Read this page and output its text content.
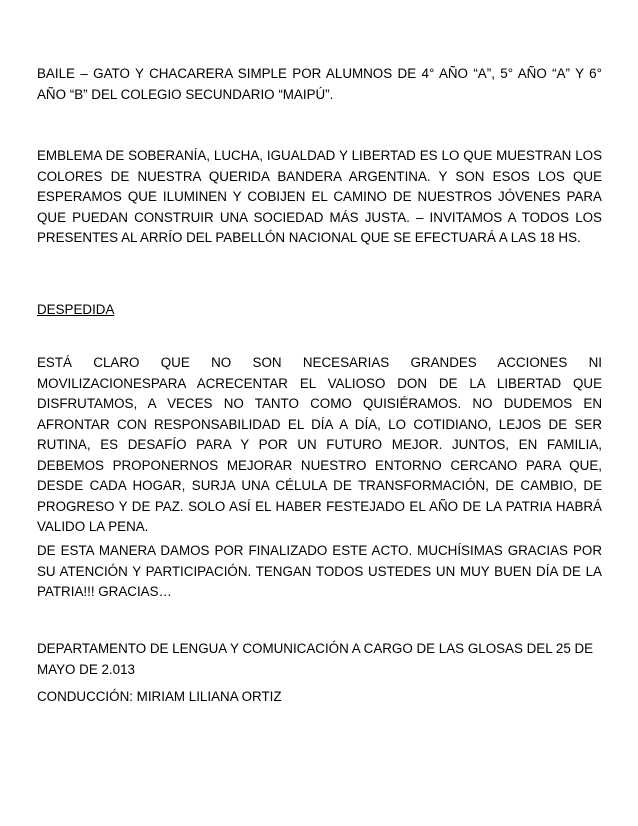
BAILE – GATO Y CHACARERA SIMPLE POR ALUMNOS DE 4° AÑO “A”, 5° AÑO “A” Y 6° AÑO “B” DEL COLEGIO SECUNDARIO “MAIPÚ”.

EMBLEMA DE SOBERANÍA, LUCHA, IGUALDAD Y LIBERTAD ES LO QUE MUESTRAN LOS COLORES DE NUESTRA QUERIDA BANDERA ARGENTINA. Y SON ESOS LOS QUE ESPERAMOS QUE ILUMINEN Y COBIJEN EL CAMINO DE NUESTROS JÓVENES PARA QUE PUEDAN CONSTRUIR UNA SOCIEDAD MÁS JUSTA. – INVITAMOS A TODOS LOS PRESENTES AL ARRÍO DEL PABELLÓN NACIONAL QUE SE EFECTUARÁ A LAS 18 HS.

DESPEDIDA

ESTÁ CLARO QUE NO SON NECESARIAS GRANDES ACCIONES NI MOVILIZACIONESPARA ACRECENTAR EL VALIOSO DON DE LA LIBERTAD QUE DISFRUTAMOS, A VECES NO TANTO COMO QUISIÉRAMOS. NO DUDEMOS EN AFRONTAR CON RESPONSABILIDAD EL DÍA A DÍA, LO COTIDIANO, LEJOS DE SER RUTINA, ES DESAFÍO PARA Y POR UN FUTURO MEJOR. JUNTOS, EN FAMILIA, DEBEMOS PROPONERNOS MEJORAR NUESTRO ENTORNO CERCANO PARA QUE, DESDE CADA HOGAR, SURJA UNA CÉLULA DE TRANSFORMACIÓN, DE CAMBIO, DE PROGRESO Y DE PAZ. SOLO ASÍ EL HABER FESTEJADO EL AÑO DE LA PATRIA HABRÁ VALIDO LA PENA.

DE ESTA MANERA DAMOS POR FINALIZADO ESTE ACTO. MUCHÍSIMAS GRACIAS POR SU ATENCIÓN Y PARTICIPACIÓN. TENGAN TODOS USTEDES UN MUY BUEN DÍA DE LA PATRIA!!! GRACIAS…

DEPARTAMENTO DE LENGUA Y COMUNICACIÓN A CARGO DE LAS GLOSAS DEL 25 DE MAYO DE 2.013

CONDUCCIÓN: MIRIAM LILIANA ORTIZ
